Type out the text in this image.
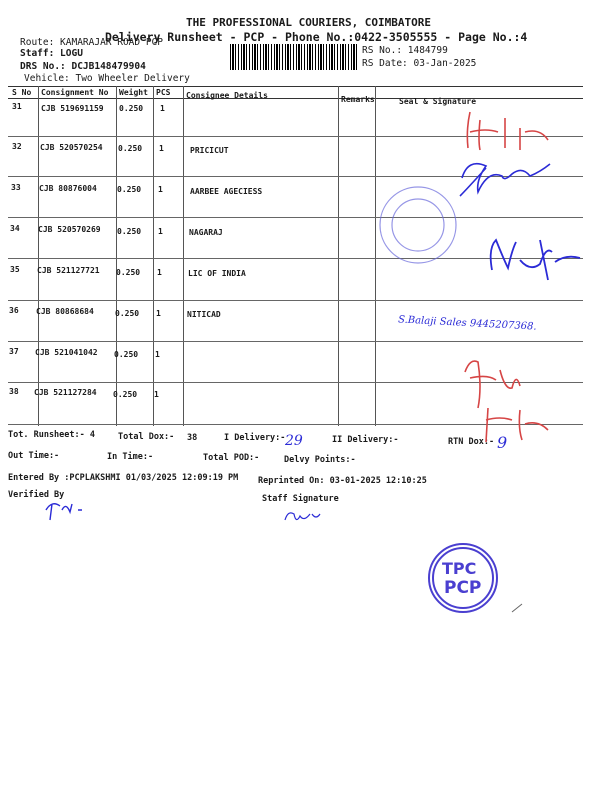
THE PROFESSIONAL COURIERS, COIMBATORE
Delivery Runsheet - PCP - Phone No.:0422-3505555 - Page No.:4
Route: KAMARAJAR ROAD PCP
Staff: LOGU
DRS No.: DCJB148479904
Vehicle: Two Wheeler Delivery
RS No.: 1484799
RS Date: 03-Jan-2025
S No Consignment No Weight PCS Consignee Details	Remarks	Seal & Signature
31 CJB 519691159 0.250 1
32 CJB 520570254 0.250 1	PRICICUT
33 CJB 80876004	0.250 1	AARBEE AGECIESS
34 CJB 520570269 0.250 1	NAGARAJ
35 CJB 521127721 0.250 1	LIC OF INDIA
36 CJB 80868684	0.250 1	NITICAD
37 CJB 521041042 0.250 1
38 CJB 521127284 0.250 1
Tot. Runsheet:- 4	Total Dox:- 38	I Delivery:- 29	II Delivery:-	RTN Dox:- 9
Out Time:-	In Time:-	Total POD:-	Delvy Points:-
Entered By :PCPLAKSHMI 01/03/2025 12:09:19 PM Reprinted On: 03-01-2025 12:10:25
Verified By	Staff Signature
S.Balaji Sales 9445207368.
TPC
PCP
